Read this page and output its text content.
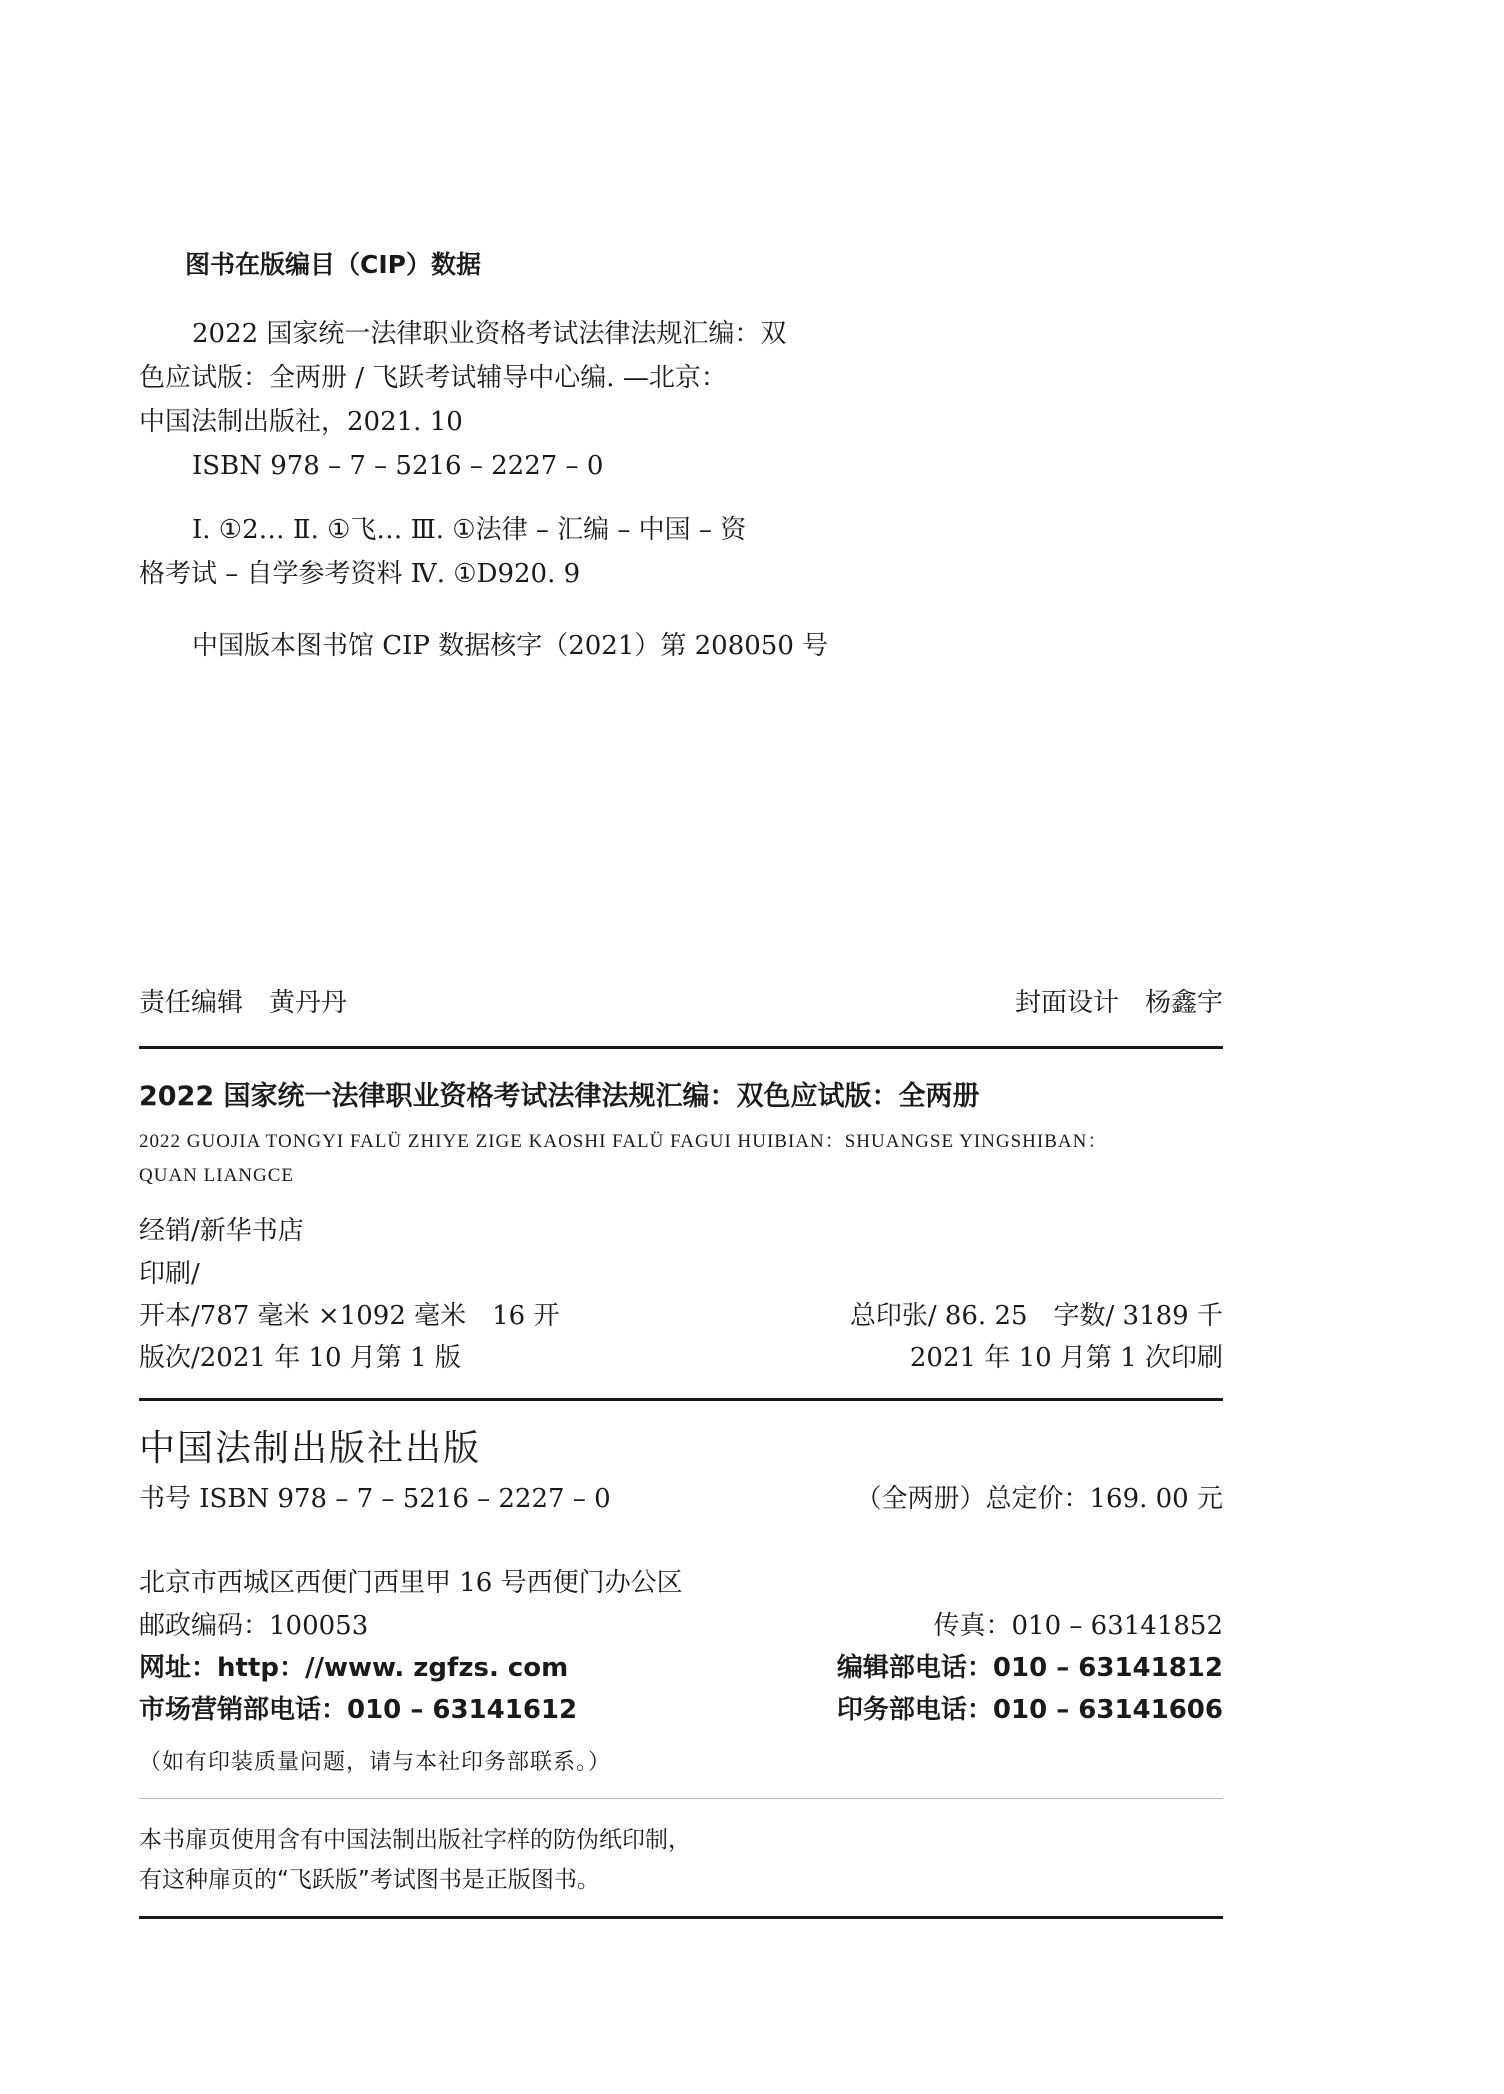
图书在版编目（CIP）数据
2022 国家统一法律职业资格考试法律法规汇编：双
色应试版：全两册 / 飞跃考试辅导中心编. —北京：
中国法制出版社，2021. 10
ISBN 978 – 7 – 5216 – 2227 – 0
Ⅰ. ①2… Ⅱ. ①飞… Ⅲ. ①法律 – 汇编 – 中国 – 资
格考试 – 自学参考资料 Ⅳ. ①D920. 9
中国版本图书馆 CIP 数据核字（2021）第 208050 号
责任编辑　黄丹丹	封面设计　杨鑫宇
2022 国家统一法律职业资格考试法律法规汇编：双色应试版：全两册
2022 GUOJIA TONGYI FALÜ ZHIYE ZIGE KAOSHI FALÜ FAGUI HUIBIAN：SHUANGSE YINGSHIBAN：
QUAN LIANGCE
经销/新华书店
印刷/
开本/787 毫米 ×1092 毫米　16 开	总印张/ 86. 25　字数/ 3189 千
版次/2021 年 10 月第 1 版	2021 年 10 月第 1 次印刷
中国法制出版社出版
书号 ISBN 978 – 7 – 5216 – 2227 – 0	（全两册）总定价：169. 00 元
北京市西城区西便门西里甲 16 号西便门办公区
邮政编码：100053	传真：010 – 63141852
网址：http：//www. zgfzs. com	编辑部电话：010 – 63141812
市场营销部电话：010 – 63141612	印务部电话：010 – 63141606
（如有印装质量问题，请与本社印务部联系。）
本书扉页使用含有中国法制出版社字样的防伪纸印制，
有这种扉页的“飞跃版”考试图书是正版图书。
